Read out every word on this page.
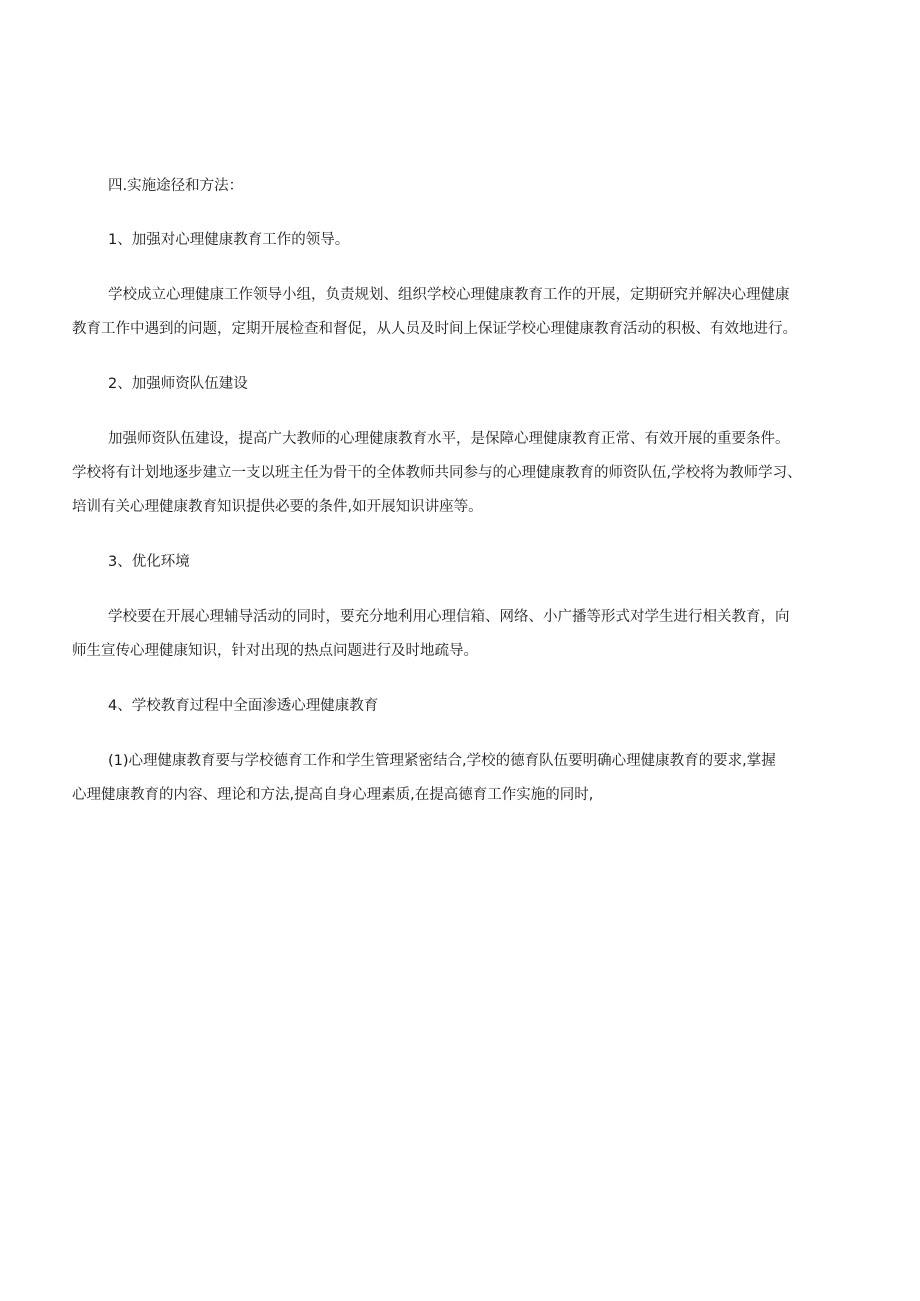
四.实施途径和方法：

1、加强对心理健康教育工作的领导。

学校成立心理健康工作领导小组，负责规划、组织学校心理健康教育工作的开展，定期研究并解决心理健康
教育工作中遇到的问题，定期开展检查和督促，从人员及时间上保证学校心理健康教育活动的积极、有效地进行。

2、加强师资队伍建设

加强师资队伍建设，提高广大教师的心理健康教育水平，是保障心理健康教育正常、有效开展的重要条件。
学校将有计划地逐步建立一支以班主任为骨干的全体教师共同参与的心理健康教育的师资队伍,学校将为教师学习、
培训有关心理健康教育知识提供必要的条件,如开展知识讲座等。

3、优化环境

学校要在开展心理辅导活动的同时，要充分地利用心理信箱、网络、小广播等形式对学生进行相关教育，向
师生宣传心理健康知识，针对出现的热点问题进行及时地疏导。

4、学校教育过程中全面渗透心理健康教育

(1)心理健康教育要与学校德育工作和学生管理紧密结合,学校的德育队伍要明确心理健康教育的要求,掌握
心理健康教育的内容、理论和方法,提高自身心理素质,在提高德育工作实施的同时,
